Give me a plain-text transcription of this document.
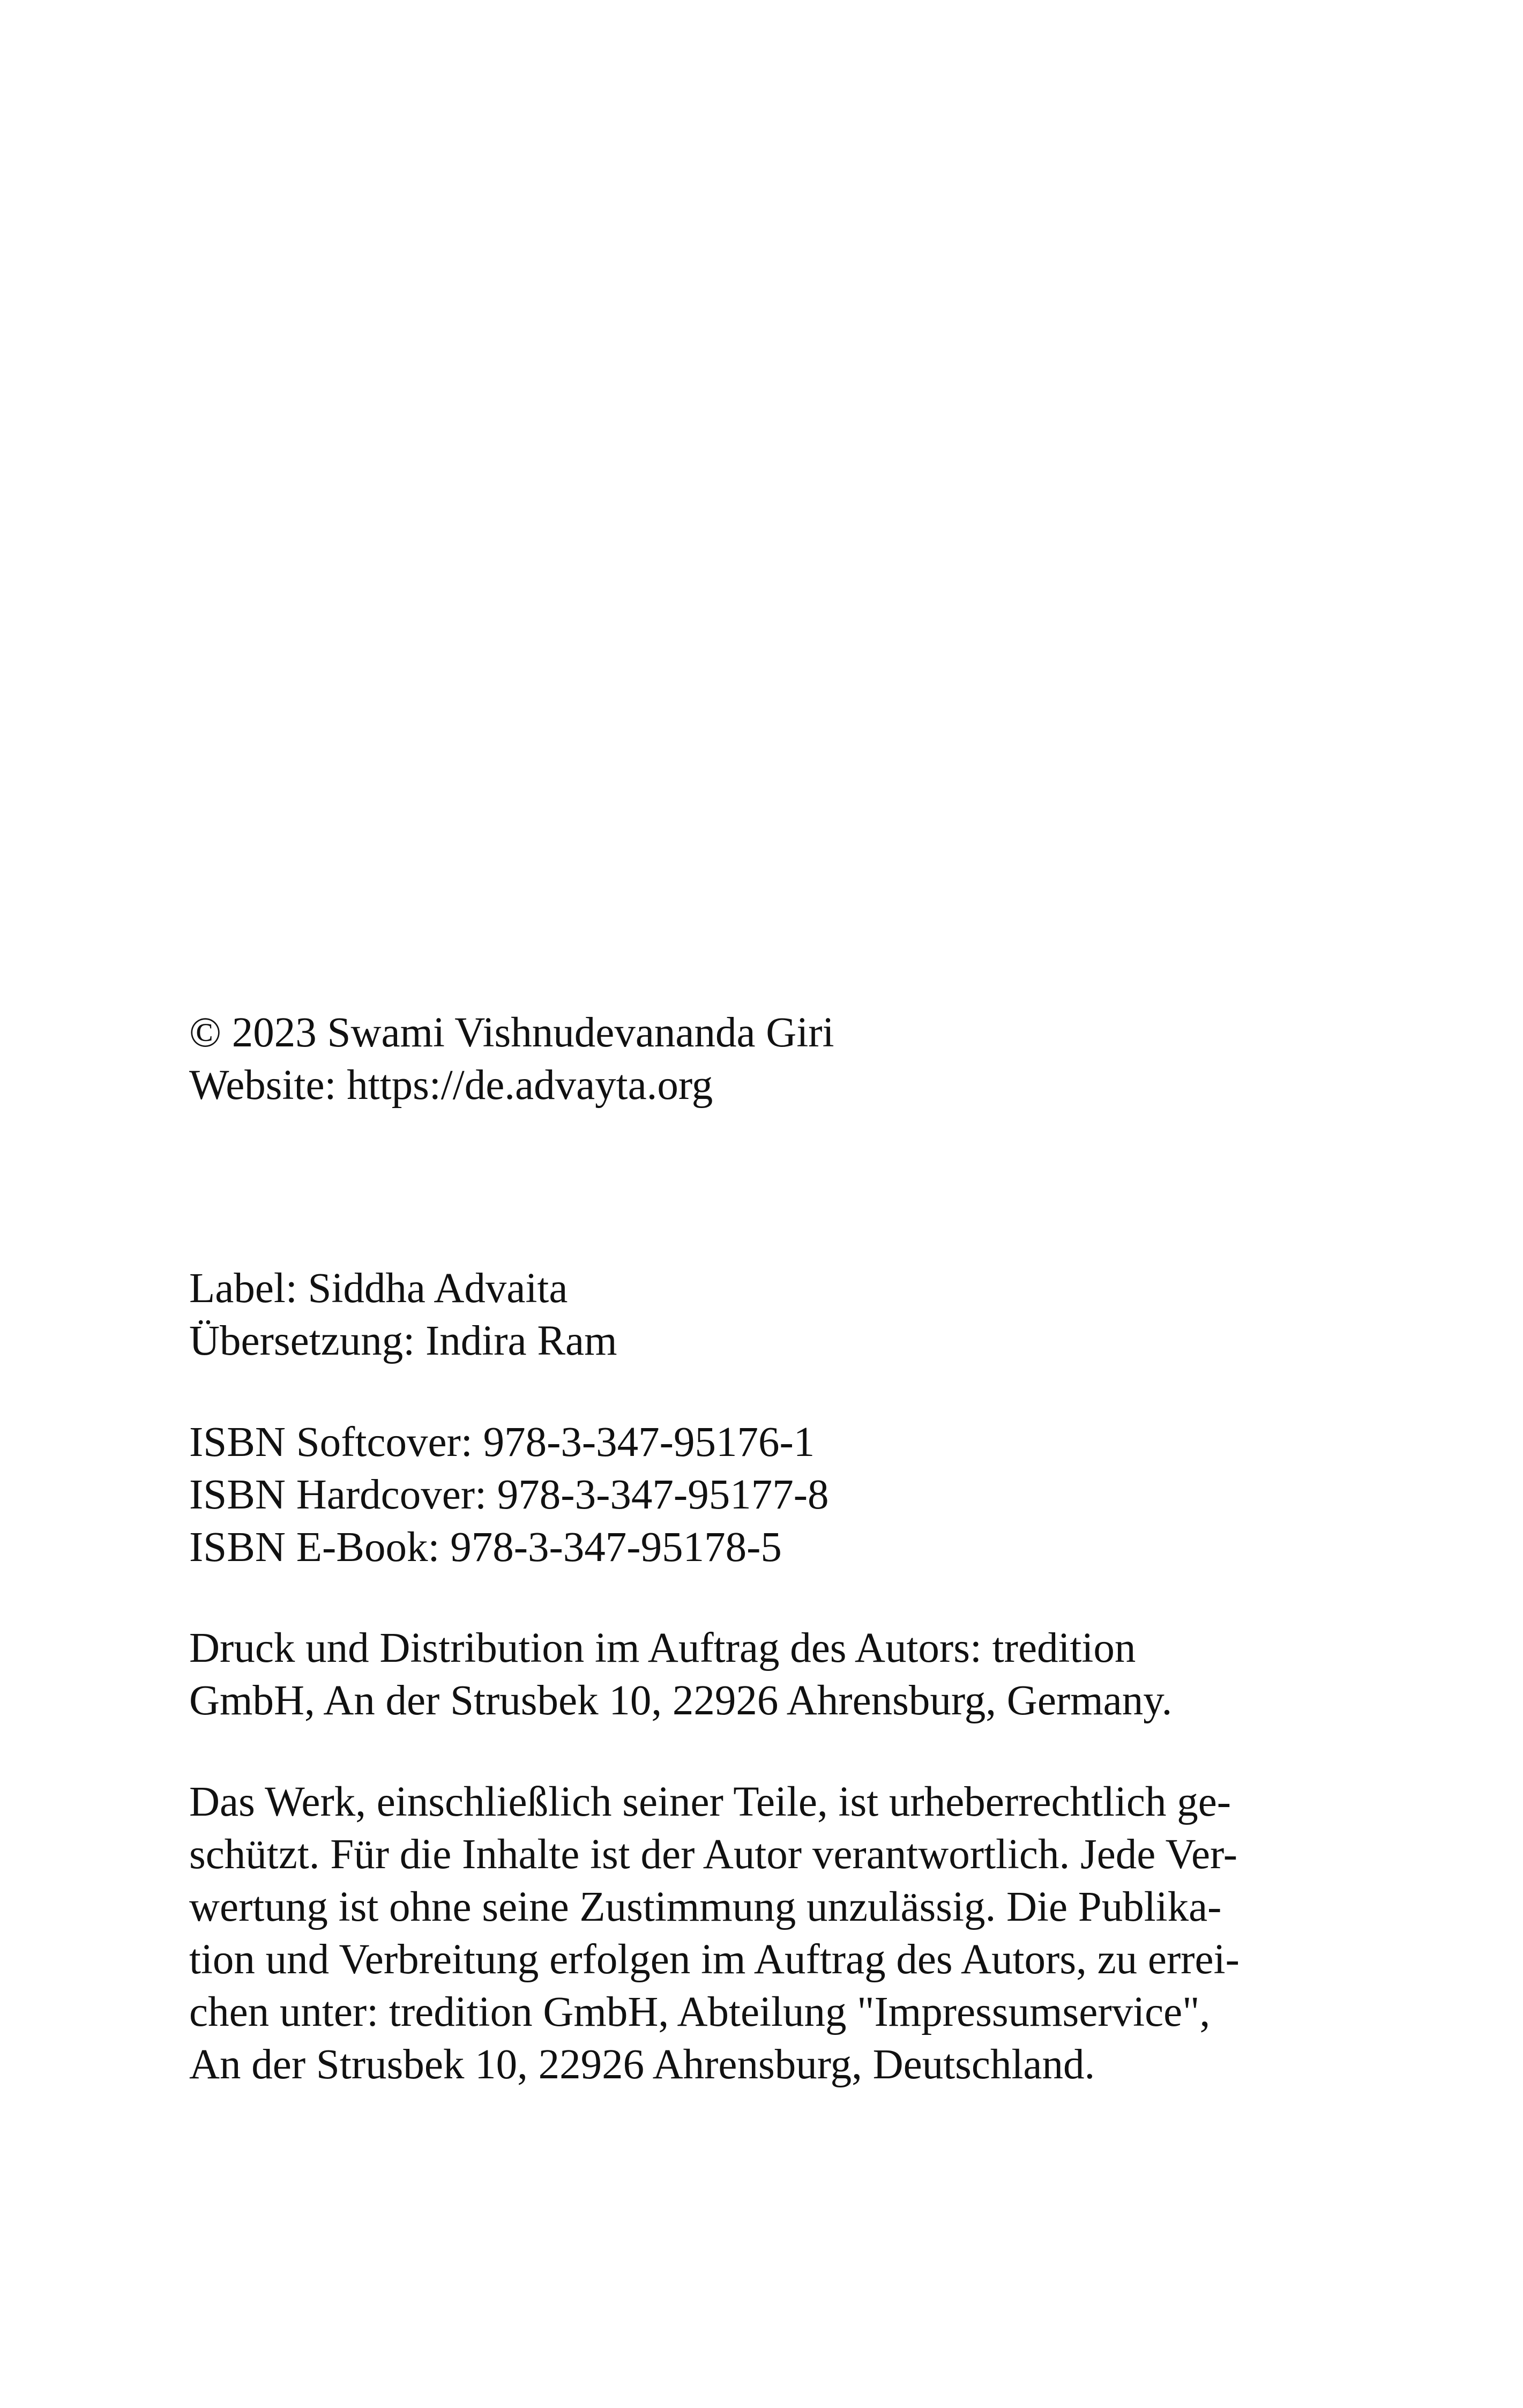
© 2023 Swami Vishnudevananda Giri
Website: https://de.advayta.org
Label: Siddha Advaita
Übersetzung: Indira Ram
ISBN Softcover: 978-3-347-95176-1
ISBN Hardcover: 978-3-347-95177-8
ISBN E-Book: 978-3-347-95178-5
Druck und Distribution im Auftrag des Autors: tredition
GmbH, An der Strusbek 10, 22926 Ahrensburg, Germany.
Das Werk, einschließlich seiner Teile, ist urheberrechtlich ge-
schützt. Für die Inhalte ist der Autor verantwortlich. Jede Ver-
wertung ist ohne seine Zustimmung unzulässig. Die Publika-
tion und Verbreitung erfolgen im Auftrag des Autors, zu errei-
chen unter: tredition GmbH, Abteilung "Impressumservice",
An der Strusbek 10, 22926 Ahrensburg, Deutschland.
